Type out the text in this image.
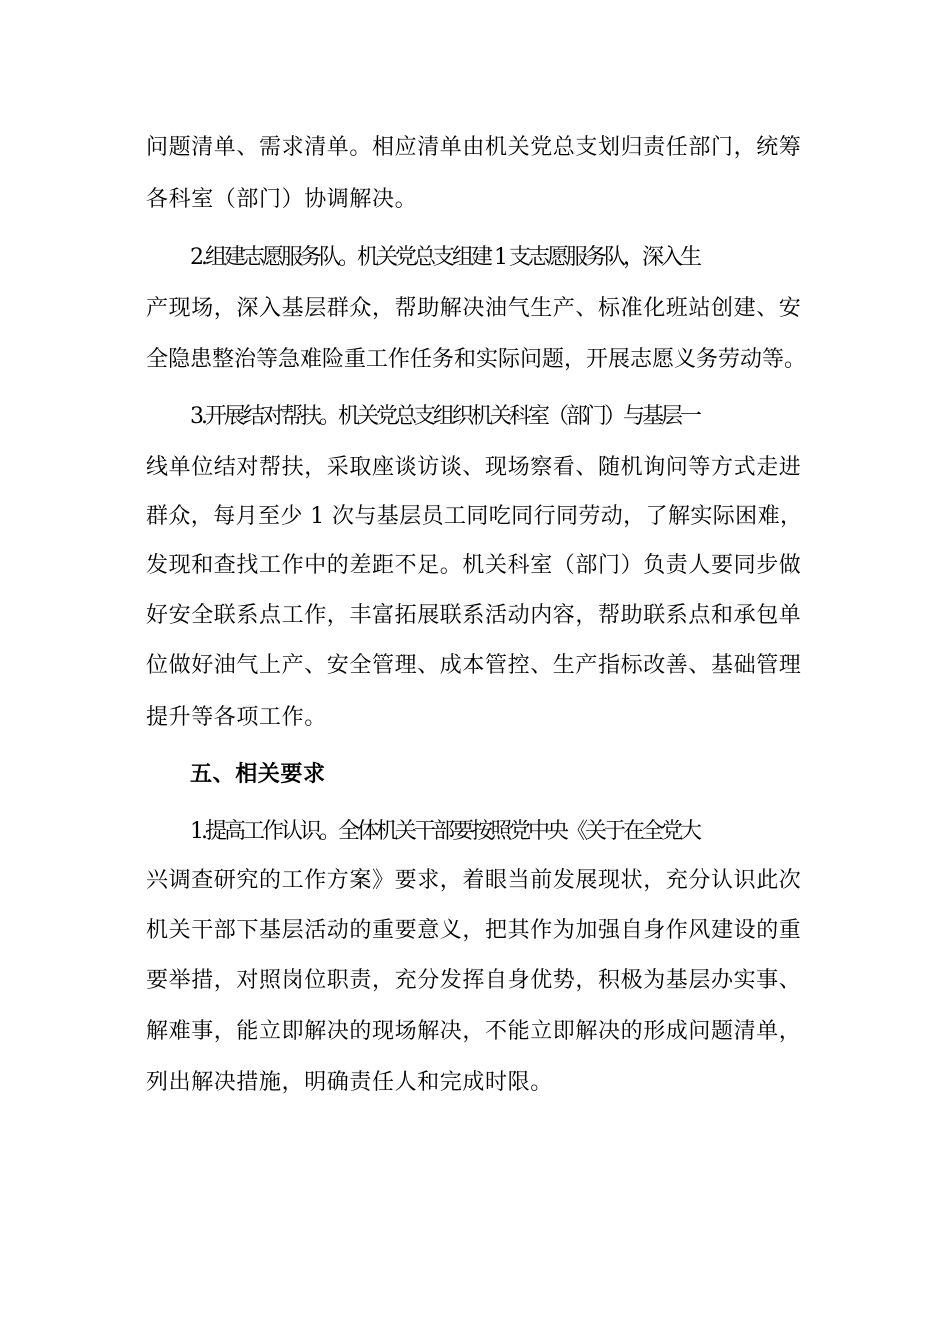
问题清单、需求清单。相应清单由机关党总支划归责任部门，统筹
各科室（部门）协调解决。
2.组建志愿服务队。机关党总支组建 1 支志愿服务队，深入生
产现场，深入基层群众，帮助解决油气生产、标准化班站创建、安
全隐患整治等急难险重工作任务和实际问题，开展志愿义务劳动等。
3.开展结对帮扶。机关党总支组织机关科室（部门）与基层一
线单位结对帮扶，采取座谈访谈、现场察看、随机询问等方式走进
群众，每月至少 1 次与基层员工同吃同行同劳动，了解实际困难，
发现和查找工作中的差距不足。机关科室（部门）负责人要同步做
好安全联系点工作，丰富拓展联系活动内容，帮助联系点和承包单
位做好油气上产、安全管理、成本管控、生产指标改善、基础管理
提升等各项工作。
五、相关要求
1.提高工作认识。全体机关干部要按照党中央《关于在全党大
兴调查研究的工作方案》要求，着眼当前发展现状，充分认识此次
机关干部下基层活动的重要意义，把其作为加强自身作风建设的重
要举措，对照岗位职责，充分发挥自身优势，积极为基层办实事、
解难事，能立即解决的现场解决，不能立即解决的形成问题清单，
列出解决措施，明确责任人和完成时限。
